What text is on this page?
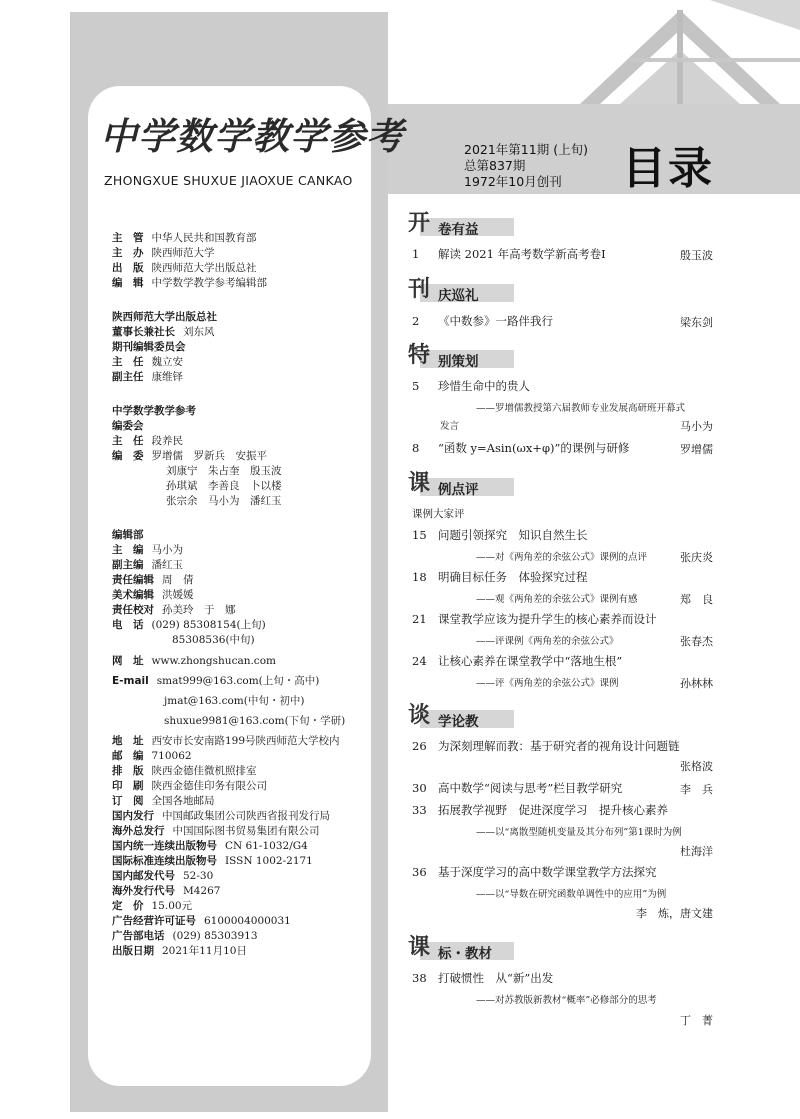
中学数学教学参考
ZHONGXUE SHUXUE JIAOXUE CANKAO
2021年第11期 (上旬)
总第837期
1972年10月创刊 目录
主　管 中华人民共和国教育部
主　办 陕西师范大学
出　版 陕西师范大学出版总社
编　辑 中学数学教学参考编辑部
陕西师范大学出版总社
董事长兼社长 刘东风
期刊编辑委员会
主　任 魏立安
副主任 康维铎
中学数学教学参考
编委会
主　任 段养民
编　委 罗增儒　罗新兵　安振平
刘康宁　朱占奎　殷玉波
孙琪斌　李善良　卜以楼
张宗余　马小为　潘红玉
编辑部
主　编 马小为
副主编 潘红玉
责任编辑 周　倩
美术编辑 洪媛媛
责任校对 孙美玲　于　娜
电　话 (029) 85308154(上旬)
85308536(中旬)
网　址 www.zhongshucan.com
E-mail smat999@163.com(上旬・高中)
jmat@163.com(中旬・初中)
shuxue9981@163.com(下旬・学研)
地　址 西安市长安南路199号陕西师范大学校内
邮　编 710062
排　版 陕西金德佳微机照排室
印　刷 陕西金德佳印务有限公司
订　阅 全国各地邮局
国内发行 中国邮政集团公司陕西省报刊发行局
海外总发行 中国国际图书贸易集团有限公司
国内统一连续出版物号 CN 61-1032/G4
国际标准连续出版物号 ISSN 1002-2171
国内邮发代号 52-30
海外发行代号 M4267
定　价 15.00元
广告经营许可证号 6100004000031
广告部电话 (029) 85303913
出版日期 2021年11月10日
开 卷有益
1 解读 2021 年高考数学新高考卷Ⅰ	殷玉波
刊 庆巡礼
2 《中数参》一路伴我行	梁东剑
特 别策划
5 珍惜生命中的贵人
——罗增儒教授第六届教师专业发展高研班开幕式
发言	马小为
8 “函数 y=Asin(ωx+φ)”的课例与研修	罗增儒
课 例点评
课例大家评
15 问题引领探究　知识自然生长
——对《两角差的余弦公式》课例的点评	张庆炎
18 明确目标任务　体验探究过程
——观《两角差的余弦公式》课例有感	郑　良
21 课堂教学应该为提升学生的核心素养而设计
——评课例《两角差的余弦公式》	张春杰
24 让核心素养在课堂教学中“落地生根”
——评《两角差的余弦公式》课例	孙林林
谈 学论教
26 为深刻理解而教：基于研究者的视角设计问题链
张格波
30 高中数学“阅读与思考”栏目教学研究	李　兵
33 拓展教学视野　促进深度学习　提升核心素养
——以“离散型随机变量及其分布列”第1课时为例
杜海洋
36 基于深度学习的高中数学课堂教学方法探究
——以“导数在研究函数单调性中的应用”为例
李　炼，唐文建
课 标・教材
38 打破惯性　从“新”出发
——对苏教版新教材“概率”必修部分的思考
丁　菁
